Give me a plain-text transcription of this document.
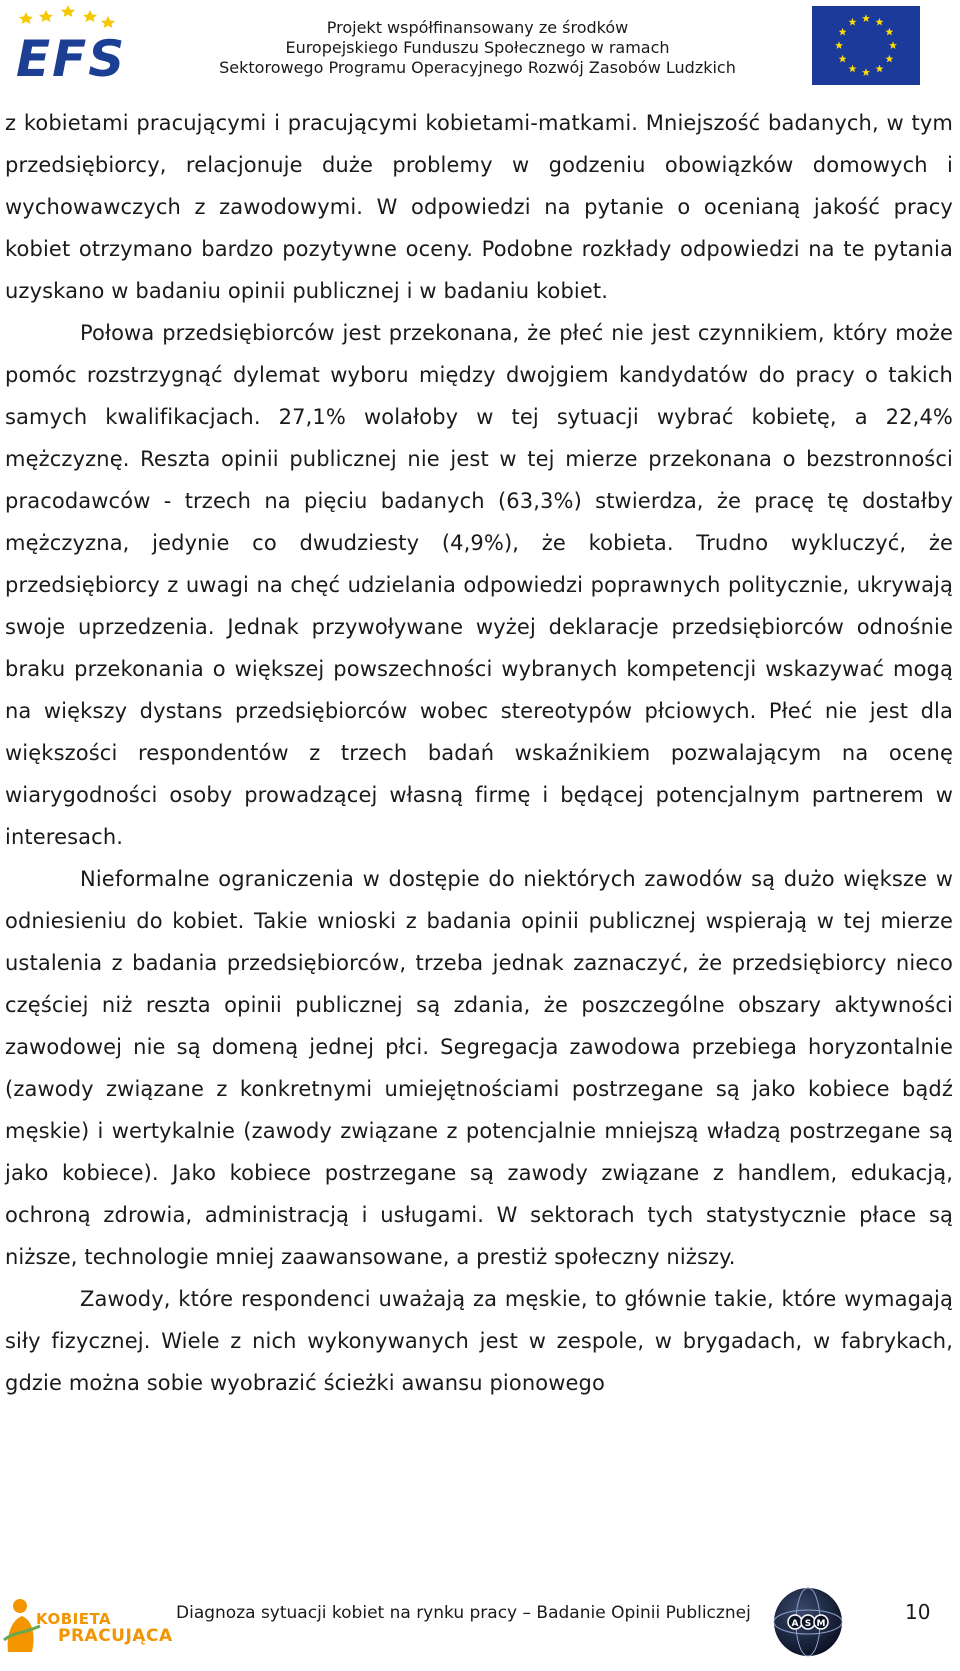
EFS
Projekt współfinansowany ze środków
Europejskiego Funduszu Społecznego w ramach
Sektorowego Programu Operacyjnego Rozwój Zasobów Ludzkich

z kobietami pracującymi i pracującymi kobietami-matkami. Mniejszość badanych, w tym przedsiębiorcy, relacjonuje duże problemy w godzeniu obowiązków domowych i wychowawczych z zawodowymi. W odpowiedzi na pytanie o ocenianą jakość pracy kobiet otrzymano bardzo pozytywne oceny. Podobne rozkłady odpowiedzi na te pytania uzyskano w badaniu opinii publicznej i w badaniu kobiet.

Połowa przedsiębiorców jest przekonana, że płeć nie jest czynnikiem, który może pomóc rozstrzygnąć dylemat wyboru między dwojgiem kandydatów do pracy o takich samych kwalifikacjach. 27,1% wolałoby w tej sytuacji wybrać kobietę, a 22,4% mężczyznę. Reszta opinii publicznej nie jest w tej mierze przekonana o bezstronności pracodawców - trzech na pięciu badanych (63,3%) stwierdza, że pracę tę dostałby mężczyzna, jedynie co dwudziesty (4,9%), że kobieta. Trudno wykluczyć, że przedsiębiorcy z uwagi na chęć udzielania odpowiedzi poprawnych politycznie, ukrywają swoje uprzedzenia. Jednak przywoływane wyżej deklaracje przedsiębiorców odnośnie braku przekonania o większej powszechności wybranych kompetencji wskazywać mogą na większy dystans przedsiębiorców wobec stereotypów płciowych. Płeć nie jest dla większości respondentów z trzech badań wskaźnikiem pozwalającym na ocenę wiarygodności osoby prowadzącej własną firmę i będącej potencjalnym partnerem w interesach.

Nieformalne ograniczenia w dostępie do niektórych zawodów są dużo większe w odniesieniu do kobiet. Takie wnioski z badania opinii publicznej wspierają w tej mierze ustalenia z badania przedsiębiorców, trzeba jednak zaznaczyć, że przedsiębiorcy nieco częściej niż reszta opinii publicznej są zdania, że poszczególne obszary aktywności zawodowej nie są domeną jednej płci. Segregacja zawodowa przebiega horyzontalnie (zawody związane z konkretnymi umiejętnościami postrzegane są jako kobiece bądź męskie) i wertykalnie (zawody związane z potencjalnie mniejszą władzą postrzegane są jako kobiece). Jako kobiece postrzegane są zawody związane z handlem, edukacją, ochroną zdrowia, administracją i usługami. W sektorach tych statystycznie płace są niższe, technologie mniej zaawansowane, a prestiż społeczny niższy.

Zawody, które respondenci uważają za męskie, to głównie takie, które wymagają siły fizycznej. Wiele z nich wykonywanych jest w zespole, w brygadach, w fabrykach, gdzie można sobie wyobrazić ścieżki awansu pionowego

KOBIETA
PRACUJĄCA
Diagnoza sytuacji kobiet na rynku pracy – Badanie Opinii Publicznej
A S M	10
